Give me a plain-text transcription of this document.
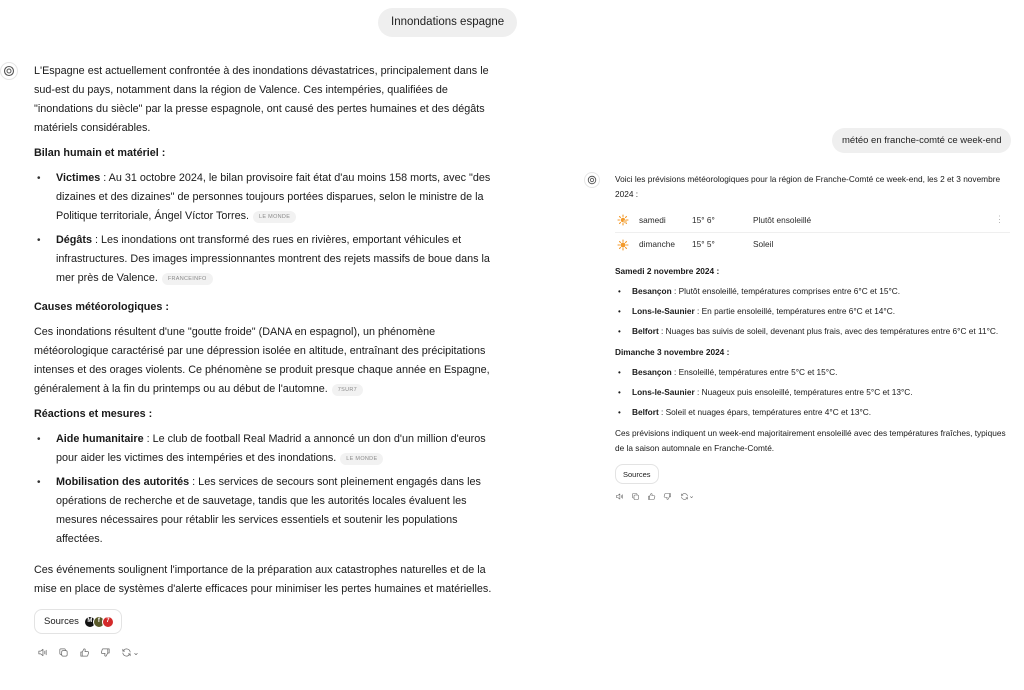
Innondations espagne

L'Espagne est actuellement confrontée à des inondations dévastatrices, principalement dans le sud-est du pays, notamment dans la région de Valence. Ces intempéries, qualifiées de "inondations du siècle" par la presse espagnole, ont causé des pertes humaines et des dégâts matériels considérables.

Bilan humain et matériel :
• Victimes : Au 31 octobre 2024, le bilan provisoire fait état d'au moins 158 morts, avec "des dizaines et des dizaines" de personnes toujours portées disparues, selon le ministre de la Politique territoriale, Ángel Víctor Torres. LE MONDE
• Dégâts : Les inondations ont transformé des rues en rivières, emportant véhicules et infrastructures. Des images impressionnantes montrent des rejets massifs de boue dans la mer près de Valence. FRANCEINFO
Causes météorologiques :

Ces inondations résultent d'une "goutte froide" (DANA en espagnol), un phénomène météorologique caractérisé par une dépression isolée en altitude, entraînant des précipitations intenses et des orages violents. Ce phénomène se produit presque chaque année en Espagne, généralement à la fin du printemps ou au début de l'automne. 7SUR7

Réactions et mesures :
• Aide humanitaire : Le club de football Real Madrid a annoncé un don d'un million d'euros pour aider les victimes des intempéries et des inondations. LE MONDE
• Mobilisation des autorités : Les services de secours sont pleinement engagés dans les opérations de recherche et de sauvetage, tandis que les autorités locales évaluent les mesures nécessaires pour rétablir les services essentiels et soutenir les populations affectées.

Ces événements soulignent l'importance de la préparation aux catastrophes naturelles et de la mise en place de systèmes d'alerte efficaces pour minimiser les pertes humaines et matérielles.

Sources	M f	7
⌄
météo en franche-comté ce week-end

Voici les prévisions météorologiques pour la région de Franche-Comté ce week-end, les 2 et 3 novembre 2024 :

samedi	15° 6°	Plutôt ensoleillé	⋮
dimanche	15° 5°	Soleil
Samedi 2 novembre 2024 :
• Besançon : Plutôt ensoleillé, températures comprises entre 6°C et 15°C.
• Lons-le-Saunier : En partie ensoleillé, températures entre 6°C et 14°C.
• Belfort : Nuages bas suivis de soleil, devenant plus frais, avec des températures entre 6°C et 11°C.
Dimanche 3 novembre 2024 :
• Besançon : Ensoleillé, températures entre 5°C et 15°C.
• Lons-le-Saunier : Nuageux puis ensoleillé, températures entre 5°C et 13°C.
• Belfort : Soleil et nuages épars, températures entre 4°C et 13°C.

Ces prévisions indiquent un week-end majoritairement ensoleillé avec des températures fraîches, typiques de la saison automnale en Franche-Comté.

Sources
⌄
